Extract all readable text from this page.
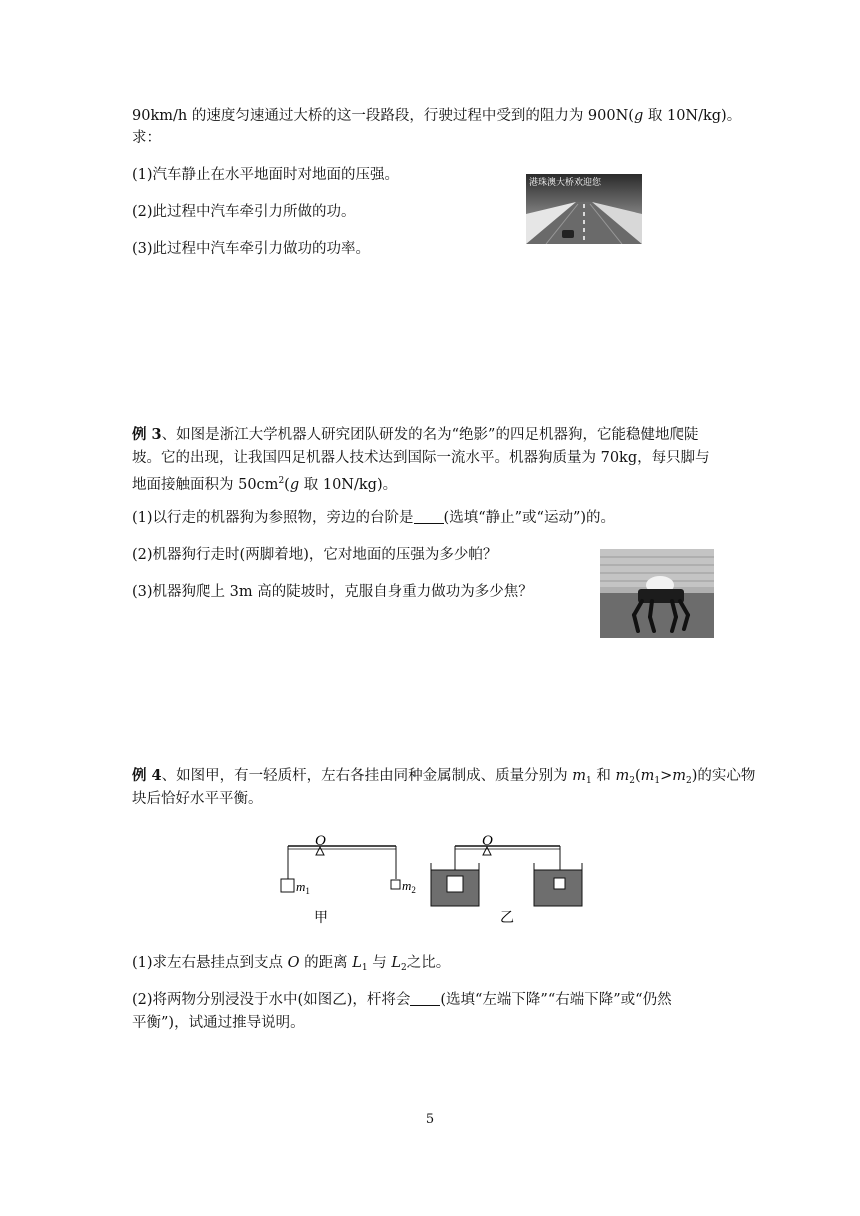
90km/h 的速度匀速通过大桥的这一段路段，行驶过程中受到的阻力为 900N(g 取 10N/kg)。
求：
(1)汽车静止在水平地面时对地面的压强。
(2)此过程中汽车牵引力所做的功。
(3)此过程中汽车牵引力做功的功率。
港珠澳大桥欢迎您
例 3、如图是浙江大学机器人研究团队研发的名为“绝影”的四足机器狗，它能稳健地爬陡
坡。它的出现，让我国四足机器人技术达到国际一流水平。机器狗质量为 70kg，每只脚与
地面接触面积为 $50cm^2(g$ 取 10N/kg)。
(1)以行走的机器狗为参照物，旁边的台阶是 (选填“静止”或“运动”)的。
(2)机器狗行走时(两脚着地)，它对地面的压强为多少帕？
(3)机器狗爬上 3m 高的陡坡时，克服自身重力做功为多少焦？
例 4、如图甲，有一轻质杆，左右各挂由同种金属制成、质量分别为 $m_1$ 和 $m_2(m_1>m_2)$的实心物
块后恰好水平平衡。
O
$m_1$	$m_2$
甲
O
乙
(1)求左右悬挂点到支点 O 的距离 $L_1$ 与 $L_2$之比。
(2)将两物分别浸没于水中(如图乙)，杆将会 (选填“左端下降”“右端下降”或“仍然
平衡”)，试通过推导说明。
5
